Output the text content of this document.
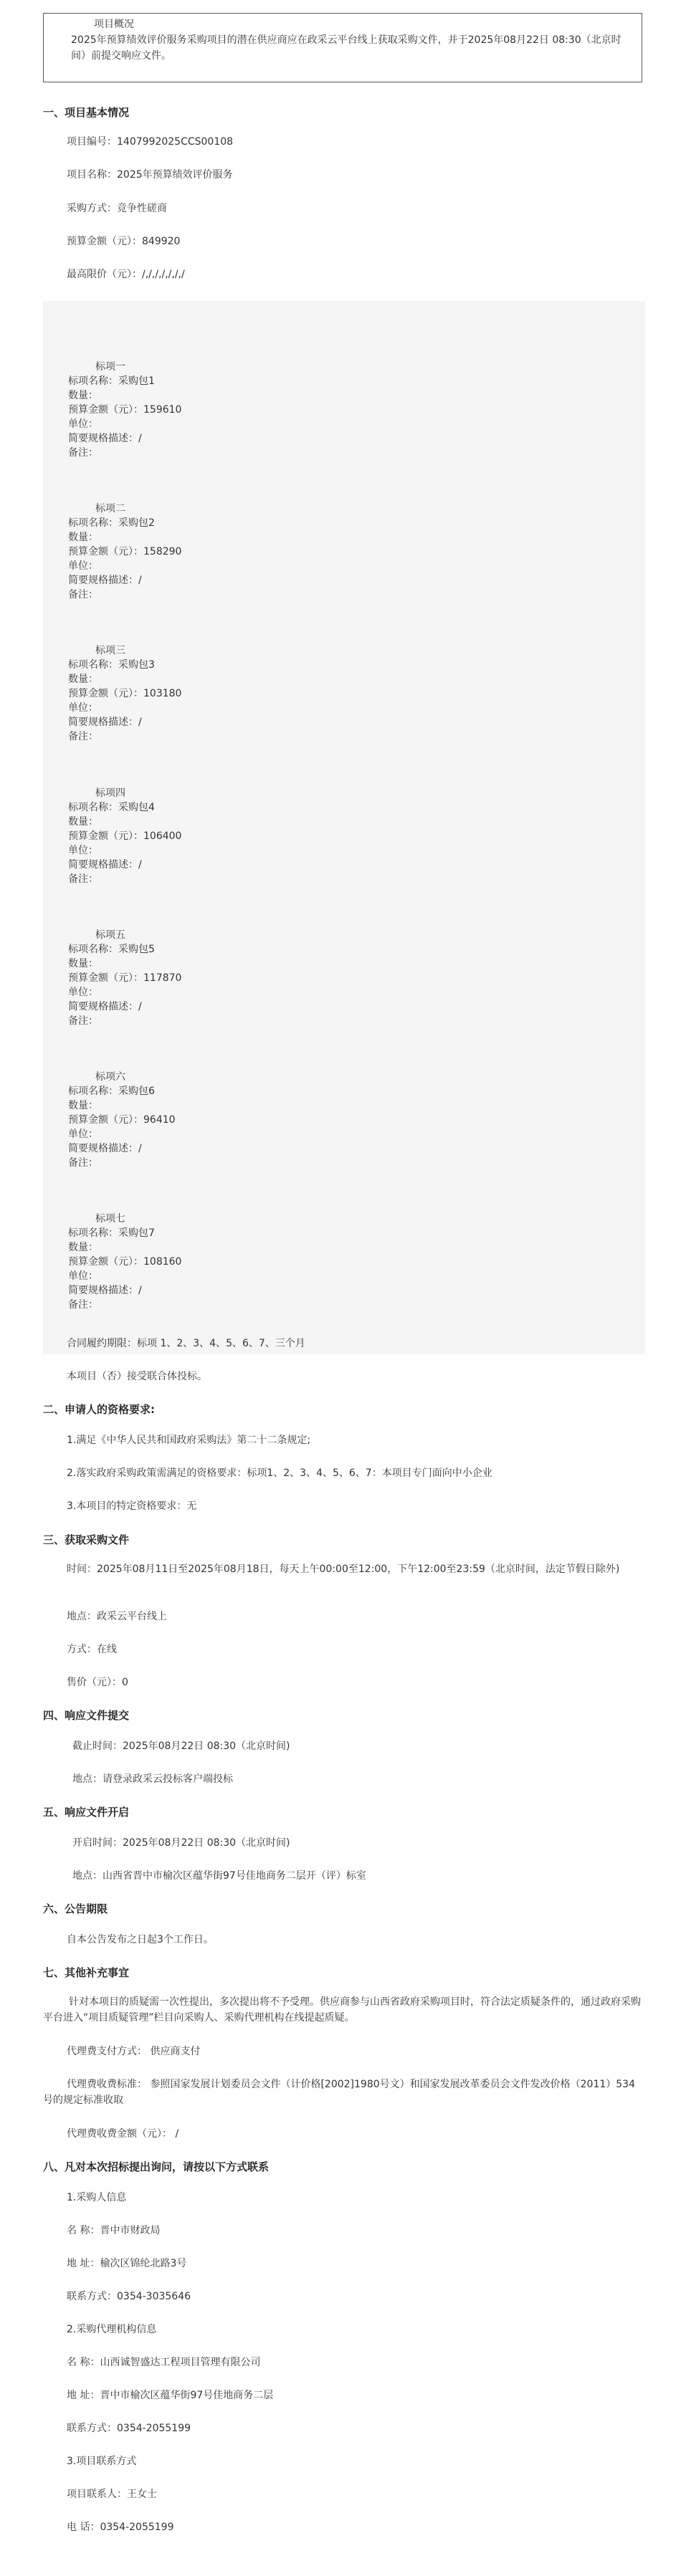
项目概况
2025年预算绩效评价服务采购项目的潜在供应商应在政采云平台线上获取采购文件，并于2025年08月22日 08:30（北京时间）前提交响应文件。
一、项目基本情况
项目编号：1407992025CCS00108
项目名称：2025年预算绩效评价服务
采购方式：竞争性磋商
预算金额（元）：849920
最高限价（元）：/,/,/,/,/,/,/
标项一
标项名称：采购包1
数量：
预算金额（元）：159610
单位：
简要规格描述：/
备注：
标项二
标项名称：采购包2
数量：
预算金额（元）：158290
单位：
简要规格描述：/
备注：
标项三
标项名称：采购包3
数量：
预算金额（元）：103180
单位：
简要规格描述：/
备注：
标项四
标项名称：采购包4
数量：
预算金额（元）：106400
单位：
简要规格描述：/
备注：
标项五
标项名称：采购包5
数量：
预算金额（元）：117870
单位：
简要规格描述：/
备注：
标项六
标项名称：采购包6
数量：
预算金额（元）：96410
单位：
简要规格描述：/
备注：
标项七
标项名称：采购包7
数量：
预算金额（元）：108160
单位：
简要规格描述：/
备注：
合同履约期限：标项 1、2、3、4、5、6、7、三个月
本项目（否）接受联合体投标。
二、申请人的资格要求:
1.满足《中华人民共和国政府采购法》第二十二条规定;
2.落实政府采购政策需满足的资格要求：标项1、2、3、4、5、6、7：本项目专门面向中小企业
3.本项目的特定资格要求：无
三、获取采购文件
时间：2025年08月11日至2025年08月18日，每天上午00:00至12:00，下午12:00至23:59（北京时间，法定节假日除外)
地点：政采云平台线上
方式：在线
售价（元）：0
四、响应文件提交
截止时间：2025年08月22日 08:30（北京时间)
地点：请登录政采云投标客户端投标
五、响应文件开启
开启时间：2025年08月22日 08:30（北京时间)
地点：山西省晋中市榆次区蕴华街97号佳地商务二层开（评）标室
六、公告期限
自本公告发布之日起3个工作日。
七、其他补充事宜
针对本项目的质疑需一次性提出，多次提出将不予受理。供应商参与山西省政府采购项目时，符合法定质疑条件的，通过政府采购平台进入“项目质疑管理”栏目向采购人、采购代理机构在线提起质疑。
代理费支付方式： 供应商支付
代理费收费标准： 参照国家发展计划委员会文件（计价格[2002]1980号文）和国家发展改革委员会文件发改价格（2011）534号的规定标准收取
代理费收费金额（元）： /
八、凡对本次招标提出询问，请按以下方式联系
1.采购人信息
名 称：晋中市财政局
地 址：榆次区锦纶北路3号
联系方式：0354-3035646
2.采购代理机构信息
名 称：山西诚智盛达工程项目管理有限公司
地 址：晋中市榆次区蕴华街97号佳地商务二层
联系方式：0354-2055199
3.项目联系方式
项目联系人：王女士
电 话：0354-2055199
